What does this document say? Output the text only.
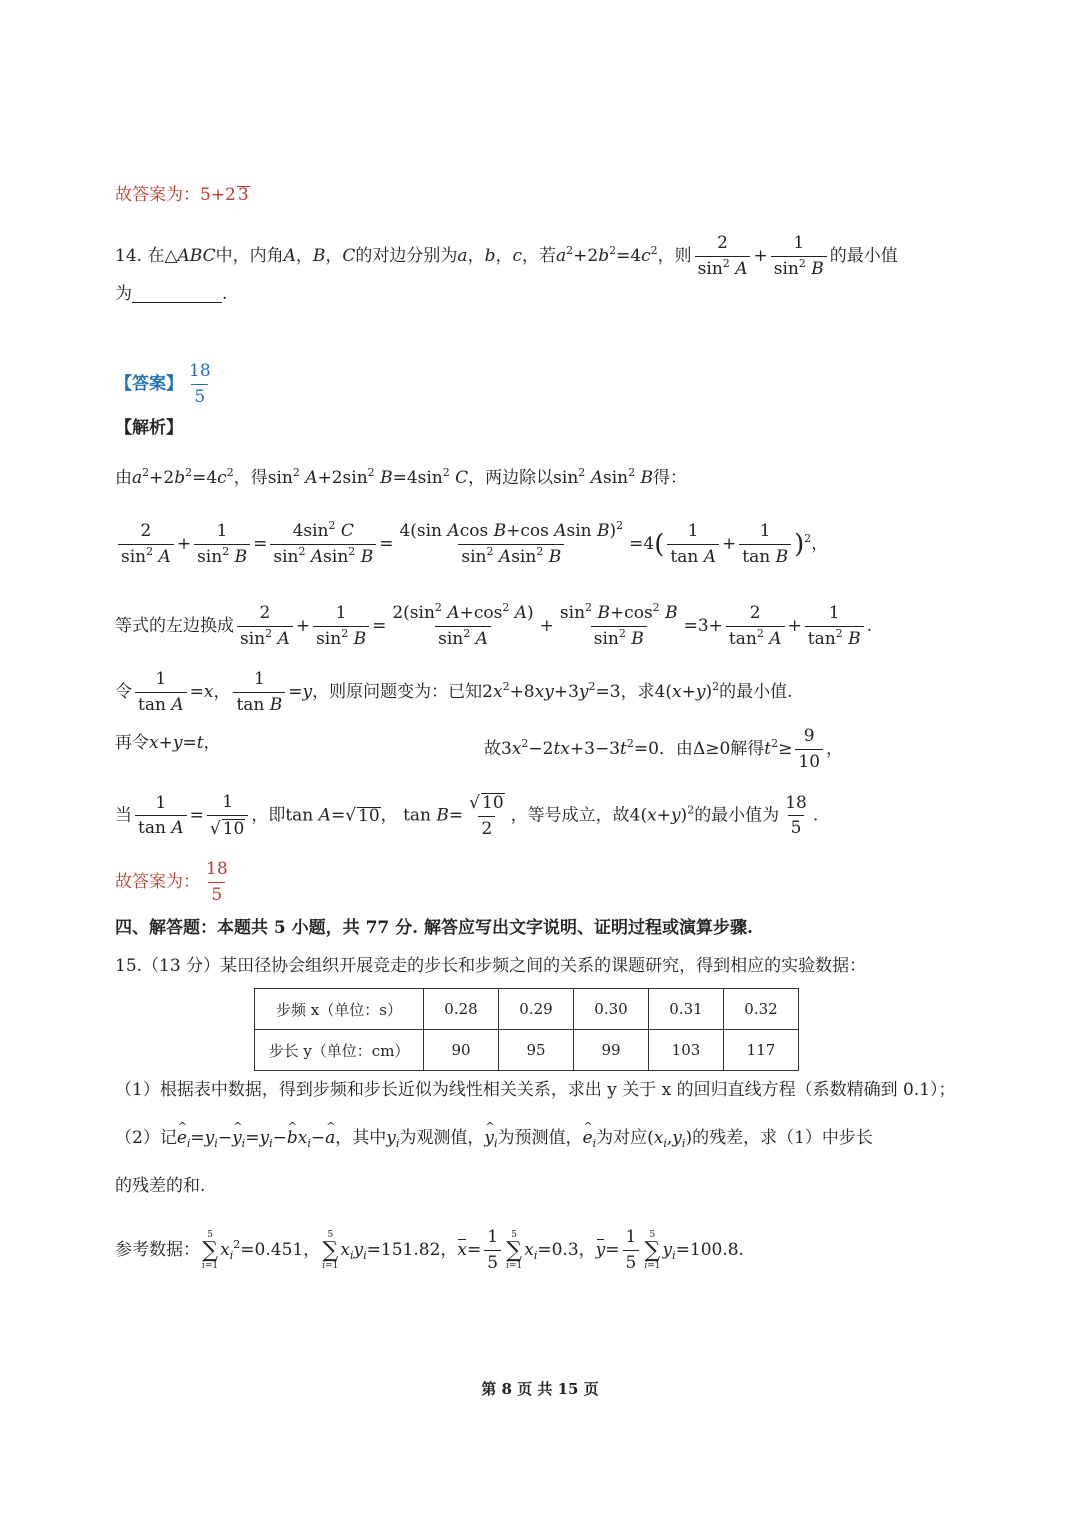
故答案为：5+2 3
14. 在△ABC中，内角A，B，C的对边分别为a，b，c，若$a^2+2b^2=4c^2$，则 $\frac{2}{\sin^2 A} + \frac{1}{\sin^2 B}$ 的最小值
为	.
【答案】 $\frac{18}{5}$
【解析】
由$a^2+2b^2=4c^2$，得$\sin^2 A+2\sin^2$ $B=4\sin^2$ C，两边除以$\sin^2 Asin^2$ B得：
$\frac{2}{\sin^2 A} + \frac{1}{\sin^2 B} = \frac{4\sin^2 C}{\sin^2 Asin^2 B} = \frac{4(\sin Acos B+\cos Asin B)^2}{\sin^2 Asin^2 B} =4( \frac{1}{\text{tan A}} + \frac{1}{\text{tan B}} )^2$，
等式的左边换成 $\frac{2}{\sin^2 A} + \frac{1}{\sin^2 B} = \frac{2(\sin^2 A+\cos^2 A)}{\sin^2 A} + \frac{\sin^2 B+\cos^2 B}{\sin^2 B} =3+ \frac{2}{\tan^2 A} + \frac{1}{\tan^2 B}$ .
令 $\frac{1}{\text{tan A}} =x$， $\frac{1}{\text{tan B}} =y$，则原问题变为：已知$2x^2+8xy+3y^2=3$，求$4(x+y)^2$的最小值.
再令x+y=t，	故$3x^2-2tx+3-3t^2=0$．由Δ≥0解得$t^2\ge \frac{9}{10}$ ，
当 $\frac{1}{\text{tan A}} = \frac{1}{√ 10}$ ，即tan A=√ 10， $\tan B= \frac{√ 10}{2}$ ，等号成立，故$4(x+y)^2$的最小值为 $\frac{18}{5}$ .
故答案为： $\frac{18}{5}$
四、解答题：本题共 5 小题，共 77 分. 解答应写出文字说明、证明过程或演算步骤.
15.（13 分）某田径协会组织开展竞走的步长和步频之间的关系的课题研究，得到相应的实验数据：
步频 x（单位：s）	0.28	0.29	0.30	0.31	0.32
步长 y（单位：cm）	90	95	99	103	117
（1）根据表中数据，得到步频和步长近似为线性相关关系，求出 y 关于 x 的回归直线方程（系数精确到 0.1）；
（2）记^ $e_i=y_i-\^{}$ $y_i=y_i-\^{}$ $bx_i-\^{}$ a，其中$y_i$为观测值，^ $y_i$为预测值，^ $e_i$为对应$(x_i,y_i)$的残差，求（1）中步长
的残差的和.
参考数据：
5
∑
i=1
$x_i^2=0.451$，
5
∑
i=1
$x_iy_i=151.82$，$x= \frac{1}{5} 5$
∑
i=1
$x_i=0.3$，$y= \frac{1}{5} 5$
∑
i=1
$y_i=100.8$.
第 8 页 共 15 页
